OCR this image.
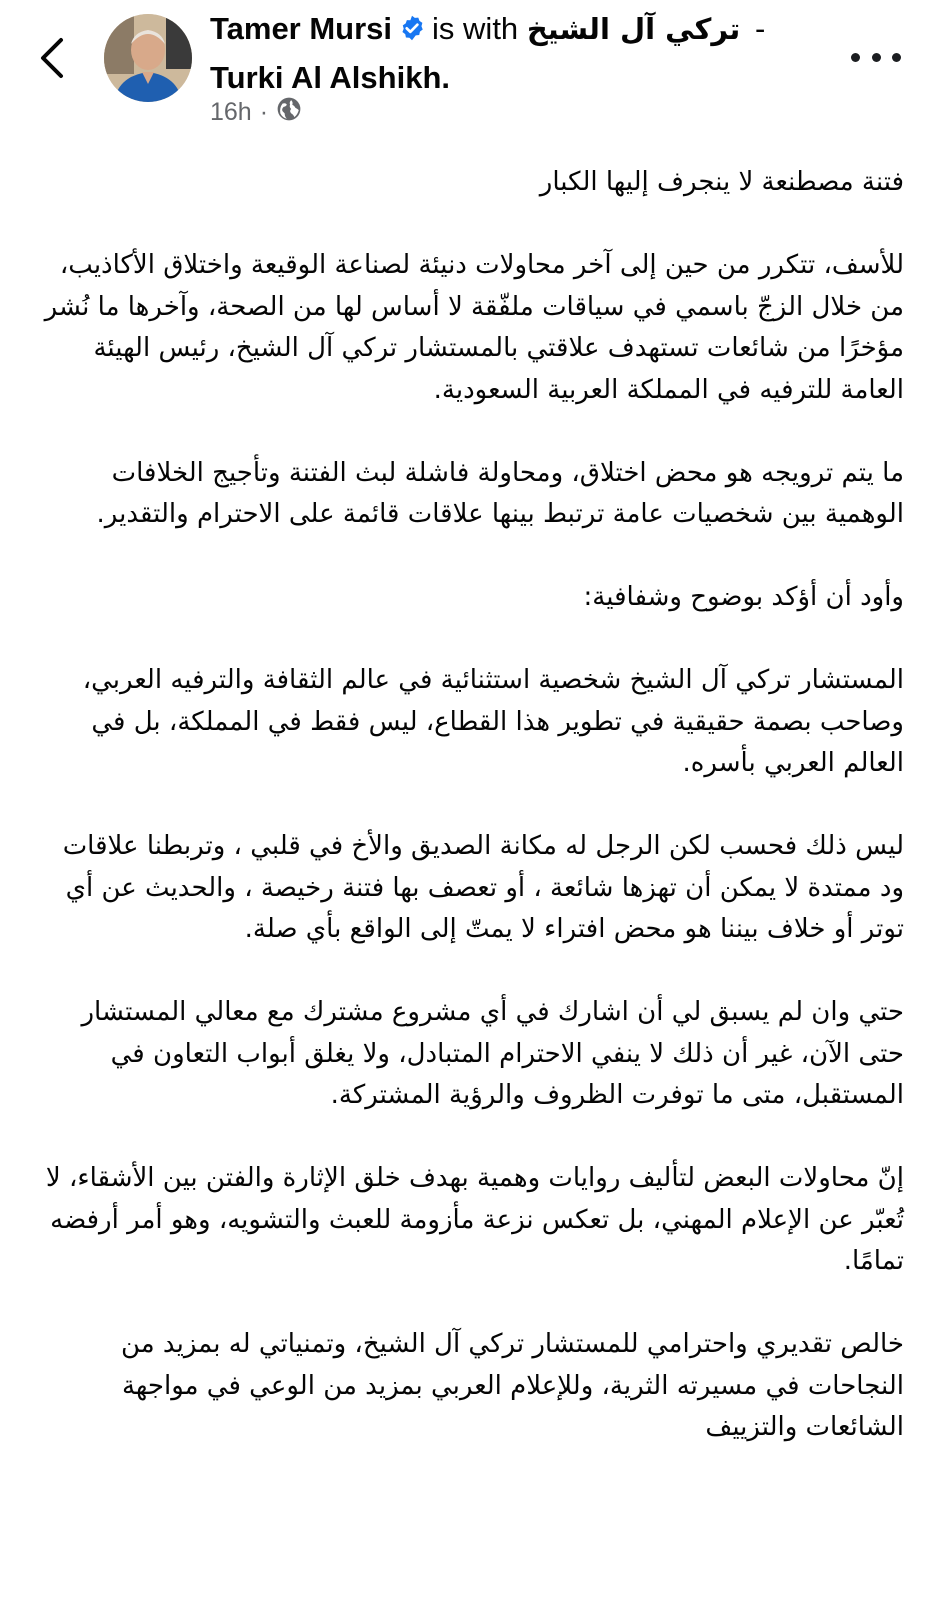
Tamer Mursi is with تركي آل الشيخ -
Turki Al Alshikh.
16h ·

فتنة مصطنعة لا ينجرف إليها الكبار

للأسف، تتكرر من حين إلى آخر محاولات دنيئة لصناعة الوقيعة واختلاق الأكاذيب، من خلال الزجّ باسمي في سياقات ملفّقة لا أساس لها من الصحة، وآخرها ما نُشر مؤخرًا من شائعات تستهدف علاقتي بالمستشار تركي آل الشيخ، رئيس الهيئة العامة للترفيه في المملكة العربية السعودية.

ما يتم ترويجه هو محض اختلاق، ومحاولة فاشلة لبث الفتنة وتأجيج الخلافات الوهمية بين شخصيات عامة ترتبط بينها علاقات قائمة على الاحترام والتقدير.

وأود أن أؤكد بوضوح وشفافية:

المستشار تركي آل الشيخ شخصية استثنائية في عالم الثقافة والترفيه العربي، وصاحب بصمة حقيقية في تطوير هذا القطاع، ليس فقط في المملكة، بل في العالم العربي بأسره.

ليس ذلك فحسب لكن الرجل له مكانة الصديق والأخ في قلبي ، وتربطنا علاقات ود ممتدة لا يمكن أن تهزها شائعة ، أو تعصف بها فتنة رخيصة ، والحديث عن أي توتر أو خلاف بيننا هو محض افتراء لا يمتّ إلى الواقع بأي صلة.

حتي وان لم يسبق لي أن اشارك في أي مشروع مشترك مع معالي المستشار حتى الآن، غير أن ذلك لا ينفي الاحترام المتبادل، ولا يغلق أبواب التعاون في المستقبل، متى ما توفرت الظروف والرؤية المشتركة.

إنّ محاولات البعض لتأليف روايات وهمية بهدف خلق الإثارة والفتن بين الأشقاء، لا تُعبّر عن الإعلام المهني، بل تعكس نزعة مأزومة للعبث والتشويه، وهو أمر أرفضه تمامًا.

خالص تقديري واحترامي للمستشار تركي آل الشيخ، وتمنياتي له بمزيد من النجاحات في مسيرته الثرية، وللإعلام العربي بمزيد من الوعي في مواجهة الشائعات والتزييف
